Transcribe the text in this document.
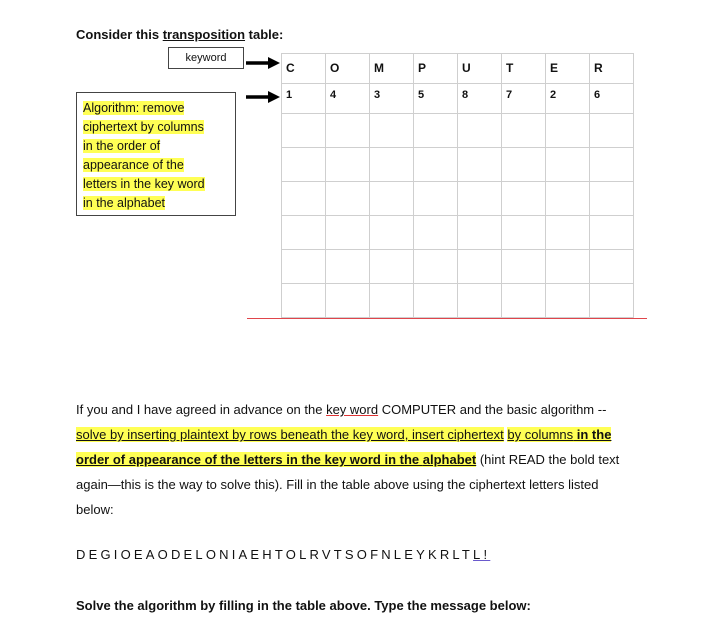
Consider this transposition table:
keyword
Algorithm: remove
ciphertext by columns
in the order of
appearance of the
letters in the key word
in the alphabet
C	O	M	P	U	T	E	R
1	4	3	5	8	7	2	6

If you and I have agreed in advance on the key word COMPUTER and the basic algorithm -- solve by inserting plaintext by rows beneath the key word, insert ciphertext by columns in the order of appearance of the letters in the key word in the alphabet (hint READ the bold text again—this is the way to solve this). Fill in the table above using the ciphertext letters listed below:
DEGIOEAODELONIAEHTOLRVTSOFNLEYKRLTL!
Solve the algorithm by filling in the table above. Type the message below:
